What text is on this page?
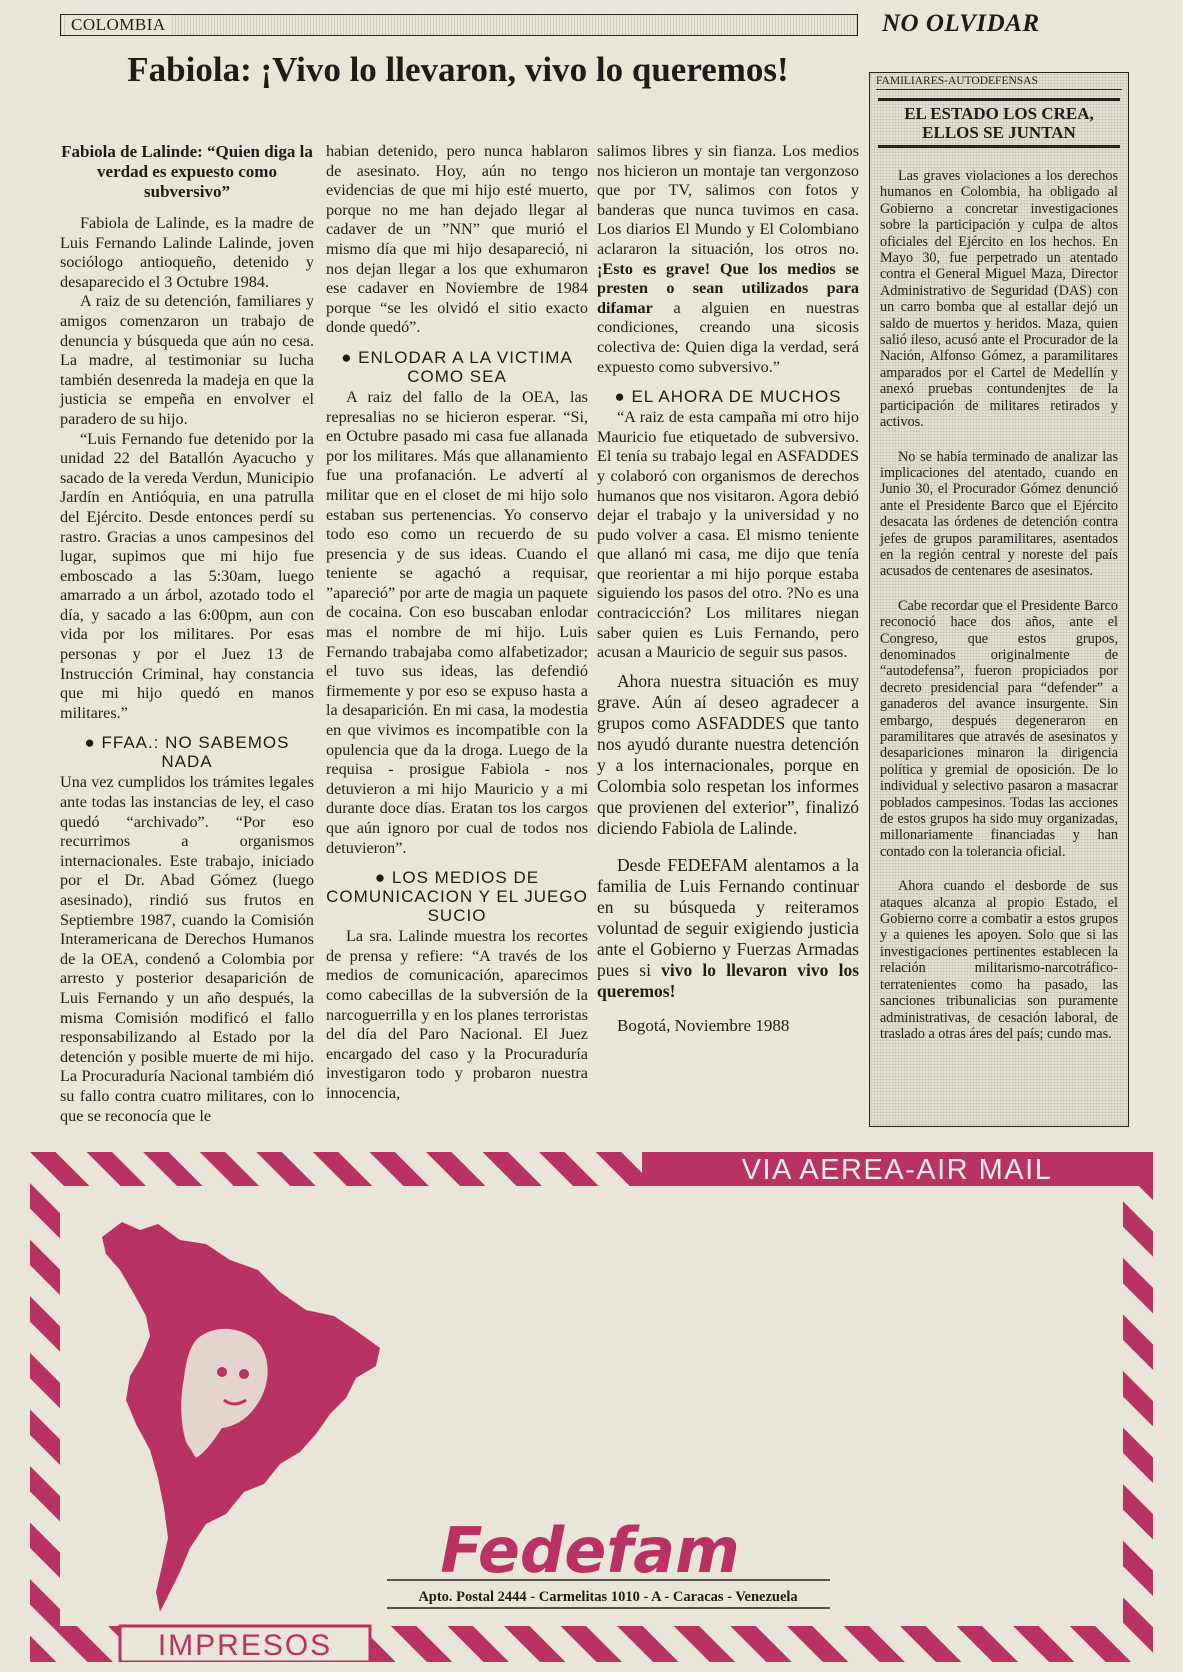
COLOMBIA	NO OLVIDAR
Fabiola: ¡Vivo lo llevaron, vivo lo queremos!
Fabiola de Lalinde: “Quien diga la verdad es expuesto como subversivo”

Fabiola de Lalinde, es la madre de Luis Fernando Lalinde Lalinde, joven sociólogo antioqueño, detenido y desaparecido el 3 Octubre 1984.

A raiz de su detención, familiares y amigos comenzaron un trabajo de denuncia y búsqueda que aún no cesa. La madre, al testimoniar su lucha también desenreda la madeja en que la justicia se empeña en envolver el paradero de su hijo.

“Luis Fernando fue detenido por la unidad 22 del Batallón Ayacucho y sacado de la vereda Verdun, Municipio Jardín en Antióquia, en una patrulla del Ejército. Desde entonces perdí su rastro. Gracias a unos campesinos del lugar, supimos que mi hijo fue emboscado a las 5:30am, luego amarrado a un árbol, azotado todo el día, y sacado a las 6:00pm, aun con vida por los militares. Por esas personas y por el Juez 13 de Instrucción Criminal, hay constancia que mi hijo quedó en manos militares.”

● FFAA.: NO SABEMOS NADA

Una vez cumplidos los trámites legales ante todas las instancias de ley, el caso quedó “archivado”. “Por eso recurrimos a organismos internacionales. Este trabajo, iniciado por el Dr. Abad Gómez (luego asesinado), rindió sus frutos en Septiembre 1987, cuando la Comisión Interamericana de Derechos Humanos de la OEA, condenó a Colombia por arresto y posterior desaparición de Luis Fernando y un año después, la misma Comisión modificó el fallo responsabilizando al Estado por la detención y posible muerte de mi hijo. La Procuraduría Nacional tambiém dió su fallo contra cuatro militares, con lo que se reconocía que le

habian detenido, pero nunca hablaron de asesinato. Hoy, aún no tengo evidencias de que mi hijo esté muerto, porque no me han dejado llegar al cadaver de un ”NN” que murió el mismo día que mi hijo desapareció, ni nos dejan llegar a los que exhumaron ese cadaver en Noviembre de 1984 porque “se les olvidó el sitio exacto donde quedó”.

● ENLODAR A LA VICTIMA COMO SEA

A raiz del fallo de la OEA, las represalias no se hicieron esperar. “Si, en Octubre pasado mi casa fue allanada por los militares. Más que allanamiento fue una profanación. Le advertí al militar que en el closet de mi hijo solo estaban sus pertenencias. Yo conservo todo eso como un recuerdo de su presencia y de sus ideas. Cuando el teniente se agachó a requisar, ”apareció” por arte de magia un paquete de cocaina. Con eso buscaban enlodar mas el nombre de mi hijo. Luis Fernando trabajaba como alfabetizador; el tuvo sus ideas, las defendió firmemente y por eso se expuso hasta a la desaparición. En mi casa, la modestia en que vivimos es incompatible con la opulencia que da la droga. Luego de la requisa - prosigue Fabiola - nos detuvieron a mi hijo Mauricio y a mi durante doce días. Eratan tos los cargos que aún ignoro por cual de todos nos detuvieron”.

● LOS MEDIOS DE COMUNICACION Y EL JUEGO SUCIO

La sra. Lalinde muestra los recortes de prensa y refiere: “A través de los medios de comunicación, aparecimos como cabecillas de la subversión de la narcoguerrilla y en los planes terroristas del día del Paro Nacional. El Juez encargado del caso y la Procuraduría investigaron todo y probaron nuestra innocencia,

salimos libres y sin fianza. Los medios nos hicieron un montaje tan vergonzoso que por TV, salimos con fotos y banderas que nunca tuvimos en casa. Los diarios El Mundo y El Colombiano aclararon la situación, los otros no. ¡Esto es grave! Que los medios se presten o sean utilizados para difamar a alguien en nuestras condiciones, creando una sicosis colectiva de: Quien diga la verdad, será expuesto como subversivo.”

● EL AHORA DE MUCHOS

“A raiz de esta campaña mi otro hijo Mauricio fue etiquetado de subversivo. El tenía su trabajo legal en ASFADDES y colaboró con organismos de derechos humanos que nos visitaron. Agora debió dejar el trabajo y la universidad y no pudo volver a casa. El mismo teniente que allanó mi casa, me dijo que tenía que reorientar a mi hijo porque estaba siguiendo los pasos del otro. ?No es una contracicción? Los militares niegan saber quien es Luis Fernando, pero acusan a Mauricio de seguir sus pasos.

Ahora nuestra situación es muy grave. Aún aí deseo agradecer a grupos como ASFADDES que tanto nos ayudó durante nuestra detención y a los internacionales, porque en Colombia solo respetan los informes que provienen del exterior”, finalizó diciendo Fabiola de Lalinde.

Desde FEDEFAM alentamos a la familia de Luis Fernando continuar en su búsqueda y reiteramos voluntad de seguir exigiendo justicia ante el Gobierno y Fuerzas Armadas pues si vivo lo llevaron vivo los queremos!

Bogotá, Noviembre 1988

FAMILIARES-AUTODEFENSAS
EL ESTADO LOS CREA, ELLOS SE JUNTAN

Las graves violaciones a los derechos humanos en Colombia, ha obligado al Gobierno a concretar investigaciones sobre la participación y culpa de altos oficiales del Ejército en los hechos. En Mayo 30, fue perpetrado un atentado contra el General Miguel Maza, Director Administrativo de Seguridad (DAS) con un carro bomba que al estallar dejó un saldo de muertos y heridos. Maza, quien salió ileso, acusó ante el Procurador de la Nación, Alfonso Gómez, a paramilitares amparados por el Cartel de Medellín y anexó pruebas contundenjtes de la participación de militares retirados y activos.

No se había terminado de analizar las implicaciones del atentado, cuando en Junio 30, el Procurador Gómez denunció ante el Presidente Barco que el Ejército desacata las órdenes de detención contra jefes de grupos paramilitares, asentados en la región central y noreste del país acusados de centenares de asesinatos.

Cabe recordar que el Presidente Barco reconoció hace dos años, ante el Congreso, que estos grupos, denominados originalmente de “autodefensa”, fueron propiciados por decreto presidencial para “defender” a ganaderos del avance insurgente. Sin embargo, después degeneraron en paramilitares que através de asesinatos y desapariciones minaron la dirigencia política y gremial de oposición. De lo individual y selectivo pasaron a masacrar poblados campesinos. Todas las acciones de estos grupos ha sido muy organizadas, millonariamente financiadas y han contado con la tolerancia oficial.

Ahora cuando el desborde de sus ataques alcanza al propio Estado, el Gobierno corre a combatir a estos grupos y a quienes les apoyen. Solo que si las investigaciones pertinentes establecen la relación militarismo-narcotráfico-terratenientes como ha pasado, las sanciones tribunalicias son puramente administrativas, de cesación laboral, de traslado a otras áres del país; cundo mas.

VIA AEREA-AIR MAIL
IMPRESOS
Fedefam
Apto. Postal 2444 - Carmelitas 1010 - A - Caracas - Venezuela
